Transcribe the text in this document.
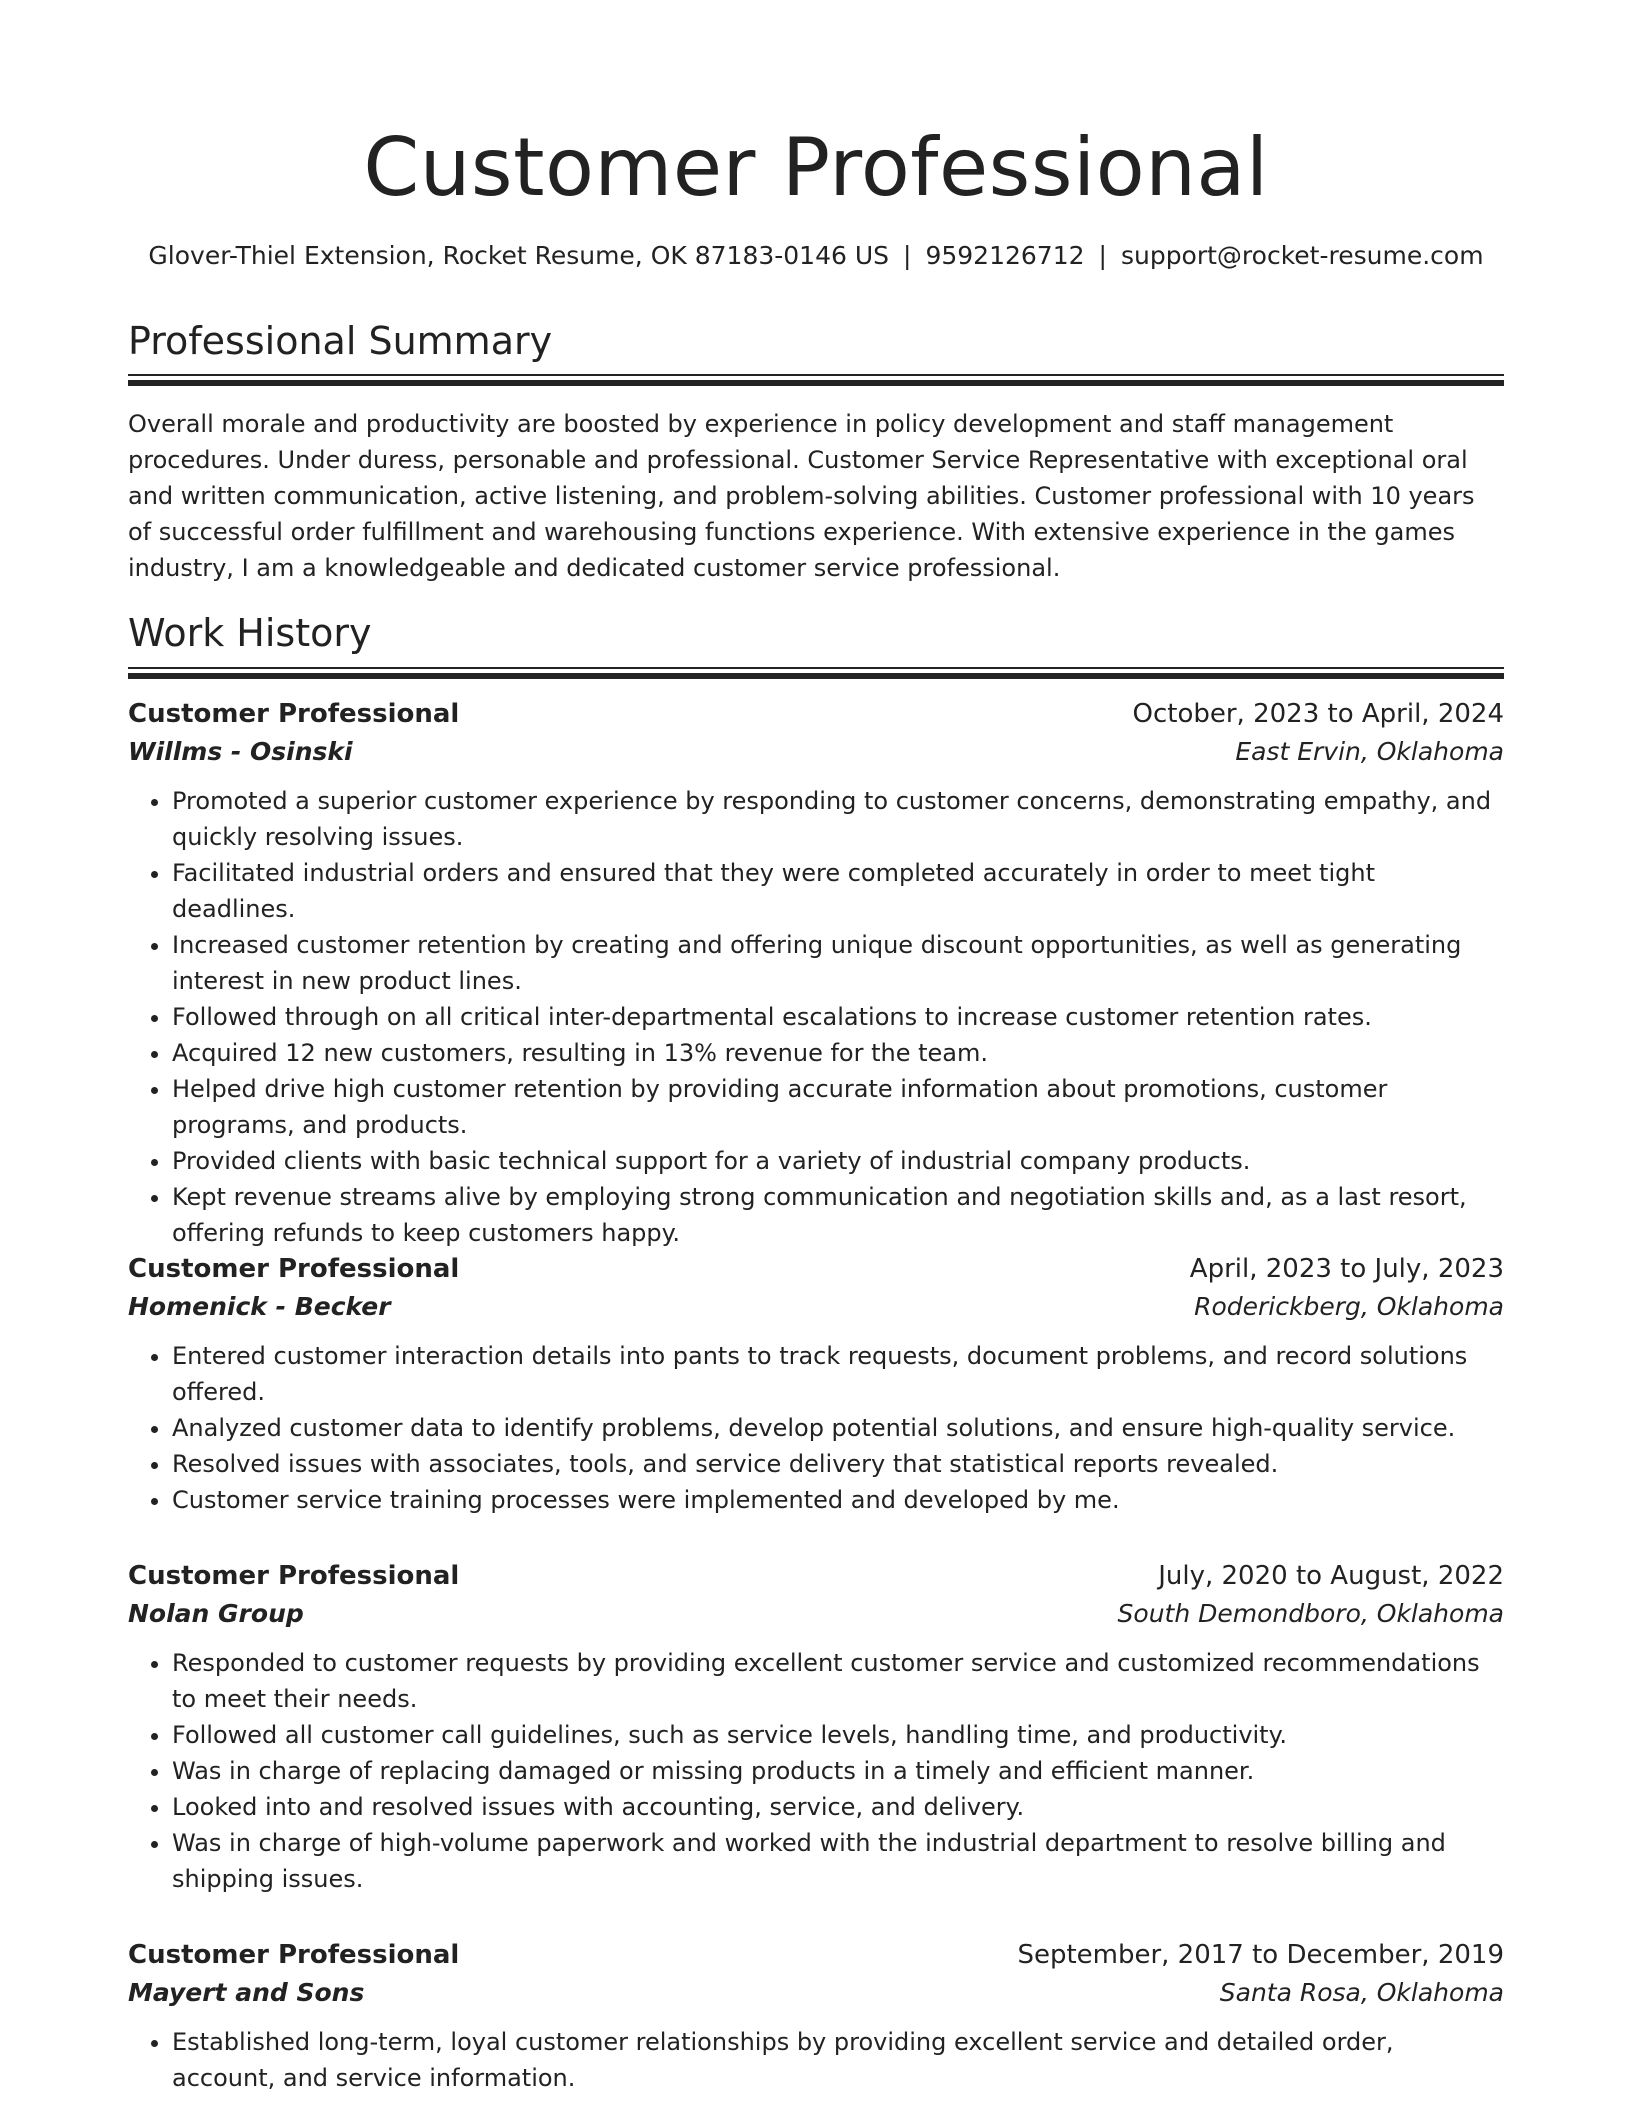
Customer Professional
Glover-Thiel Extension, Rocket Resume, OK 87183-0146 US | 9592126712 | support@rocket-resume.com
Professional Summary

Overall morale and productivity are boosted by experience in policy development and staff management procedures. Under duress, personable and professional. Customer Service Representative with exceptional oral and written communication, active listening, and problem-solving abilities. Customer professional with 10 years of successful order fulfillment and warehousing functions experience. With extensive experience in the games industry, I am a knowledgeable and dedicated customer service professional.

Work History
Customer Professional	October, 2023 to April, 2024
Willms - Osinski	East Ervin, Oklahoma
• Promoted a superior customer experience by responding to customer concerns, demonstrating empathy, and quickly resolving issues.
• Facilitated industrial orders and ensured that they were completed accurately in order to meet tight deadlines.
• Increased customer retention by creating and offering unique discount opportunities, as well as generating interest in new product lines.
• Followed through on all critical inter-departmental escalations to increase customer retention rates.
• Acquired 12 new customers, resulting in 13% revenue for the team.
• Helped drive high customer retention by providing accurate information about promotions, customer programs, and products.
• Provided clients with basic technical support for a variety of industrial company products.
• Kept revenue streams alive by employing strong communication and negotiation skills and, as a last resort, offering refunds to keep customers happy.
Customer Professional	April, 2023 to July, 2023
Homenick - Becker	Roderickberg, Oklahoma
• Entered customer interaction details into pants to track requests, document problems, and record solutions offered.
• Analyzed customer data to identify problems, develop potential solutions, and ensure high-quality service.
• Resolved issues with associates, tools, and service delivery that statistical reports revealed.
• Customer service training processes were implemented and developed by me.
Customer Professional	July, 2020 to August, 2022
Nolan Group	South Demondboro, Oklahoma
• Responded to customer requests by providing excellent customer service and customized recommendations to meet their needs.
• Followed all customer call guidelines, such as service levels, handling time, and productivity.
• Was in charge of replacing damaged or missing products in a timely and efficient manner.
• Looked into and resolved issues with accounting, service, and delivery.
• Was in charge of high-volume paperwork and worked with the industrial department to resolve billing and shipping issues.
Customer Professional	September, 2017 to December, 2019
Mayert and Sons	Santa Rosa, Oklahoma
• Established long-term, loyal customer relationships by providing excellent service and detailed order, account, and service information.
